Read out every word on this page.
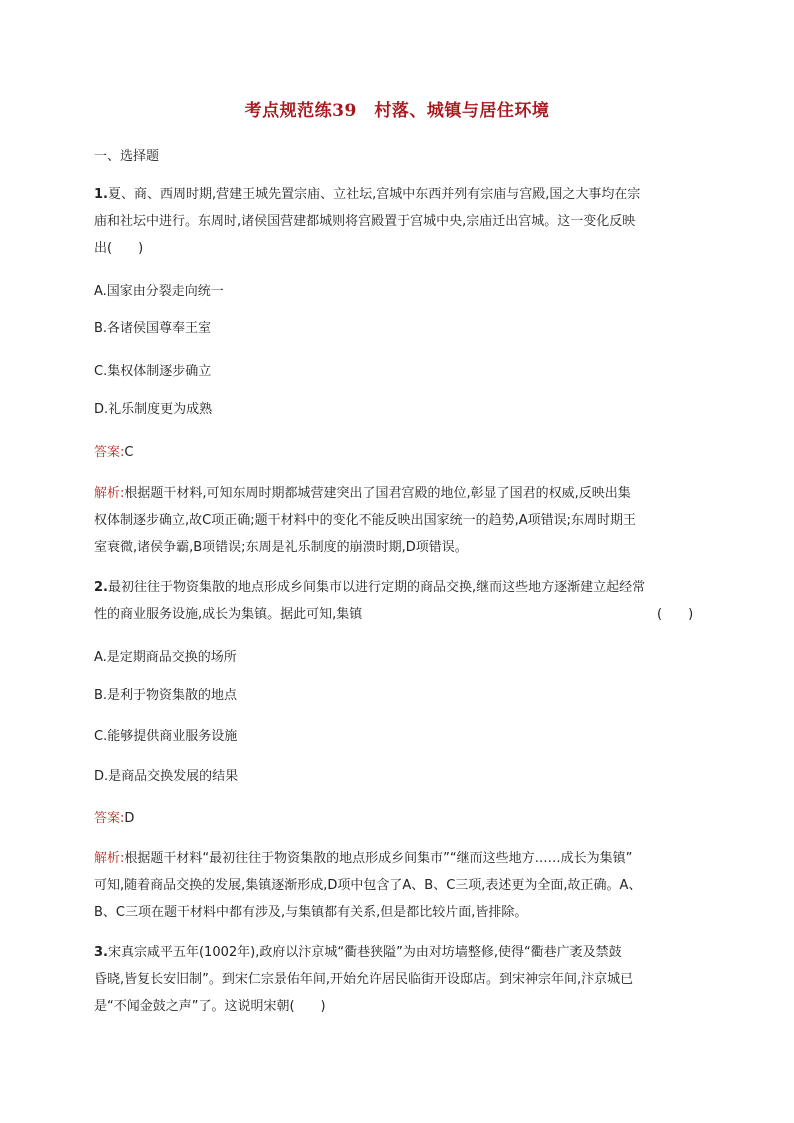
考点规范练39　村落、城镇与居住环境
一、选择题
1.夏、商、西周时期,营建王城先置宗庙、立社坛,宫城中东西并列有宗庙与宫殿,国之大事均在宗
庙和社坛中进行。东周时,诸侯国营建都城则将宫殿置于宫城中央,宗庙迁出宫城。这一变化反映
出(　　)
A.国家由分裂走向统一
B.各诸侯国尊奉王室
C.集权体制逐步确立
D.礼乐制度更为成熟
答案:C
解析:根据题干材料,可知东周时期都城营建突出了国君宫殿的地位,彰显了国君的权威,反映出集
权体制逐步确立,故C项正确;题干材料中的变化不能反映出国家统一的趋势,A项错误;东周时期王
室衰微,诸侯争霸,B项错误;东周是礼乐制度的崩溃时期,D项错误。
2.最初往往于物资集散的地点形成乡间集市以进行定期的商品交换,继而这些地方逐渐建立起经常
性的商业服务设施,成长为集镇。据此可知,集镇	(　　)
A.是定期商品交换的场所
B.是利于物资集散的地点
C.能够提供商业服务设施
D.是商品交换发展的结果
答案:D
解析:根据题干材料“最初往往于物资集散的地点形成乡间集市”“继而这些地方……成长为集镇”
可知,随着商品交换的发展,集镇逐渐形成,D项中包含了A、B、C三项,表述更为全面,故正确。A、
B、C三项在题干材料中都有涉及,与集镇都有关系,但是都比较片面,皆排除。
3.宋真宗咸平五年(1002年),政府以汴京城“衢巷狭隘”为由对坊墙整修,使得“衢巷广袤及禁鼓
昏晓,皆复长安旧制”。到宋仁宗景佑年间,开始允许居民临街开设邸店。到宋神宗年间,汴京城已
是“不闻金鼓之声”了。这说明宋朝(　　)
